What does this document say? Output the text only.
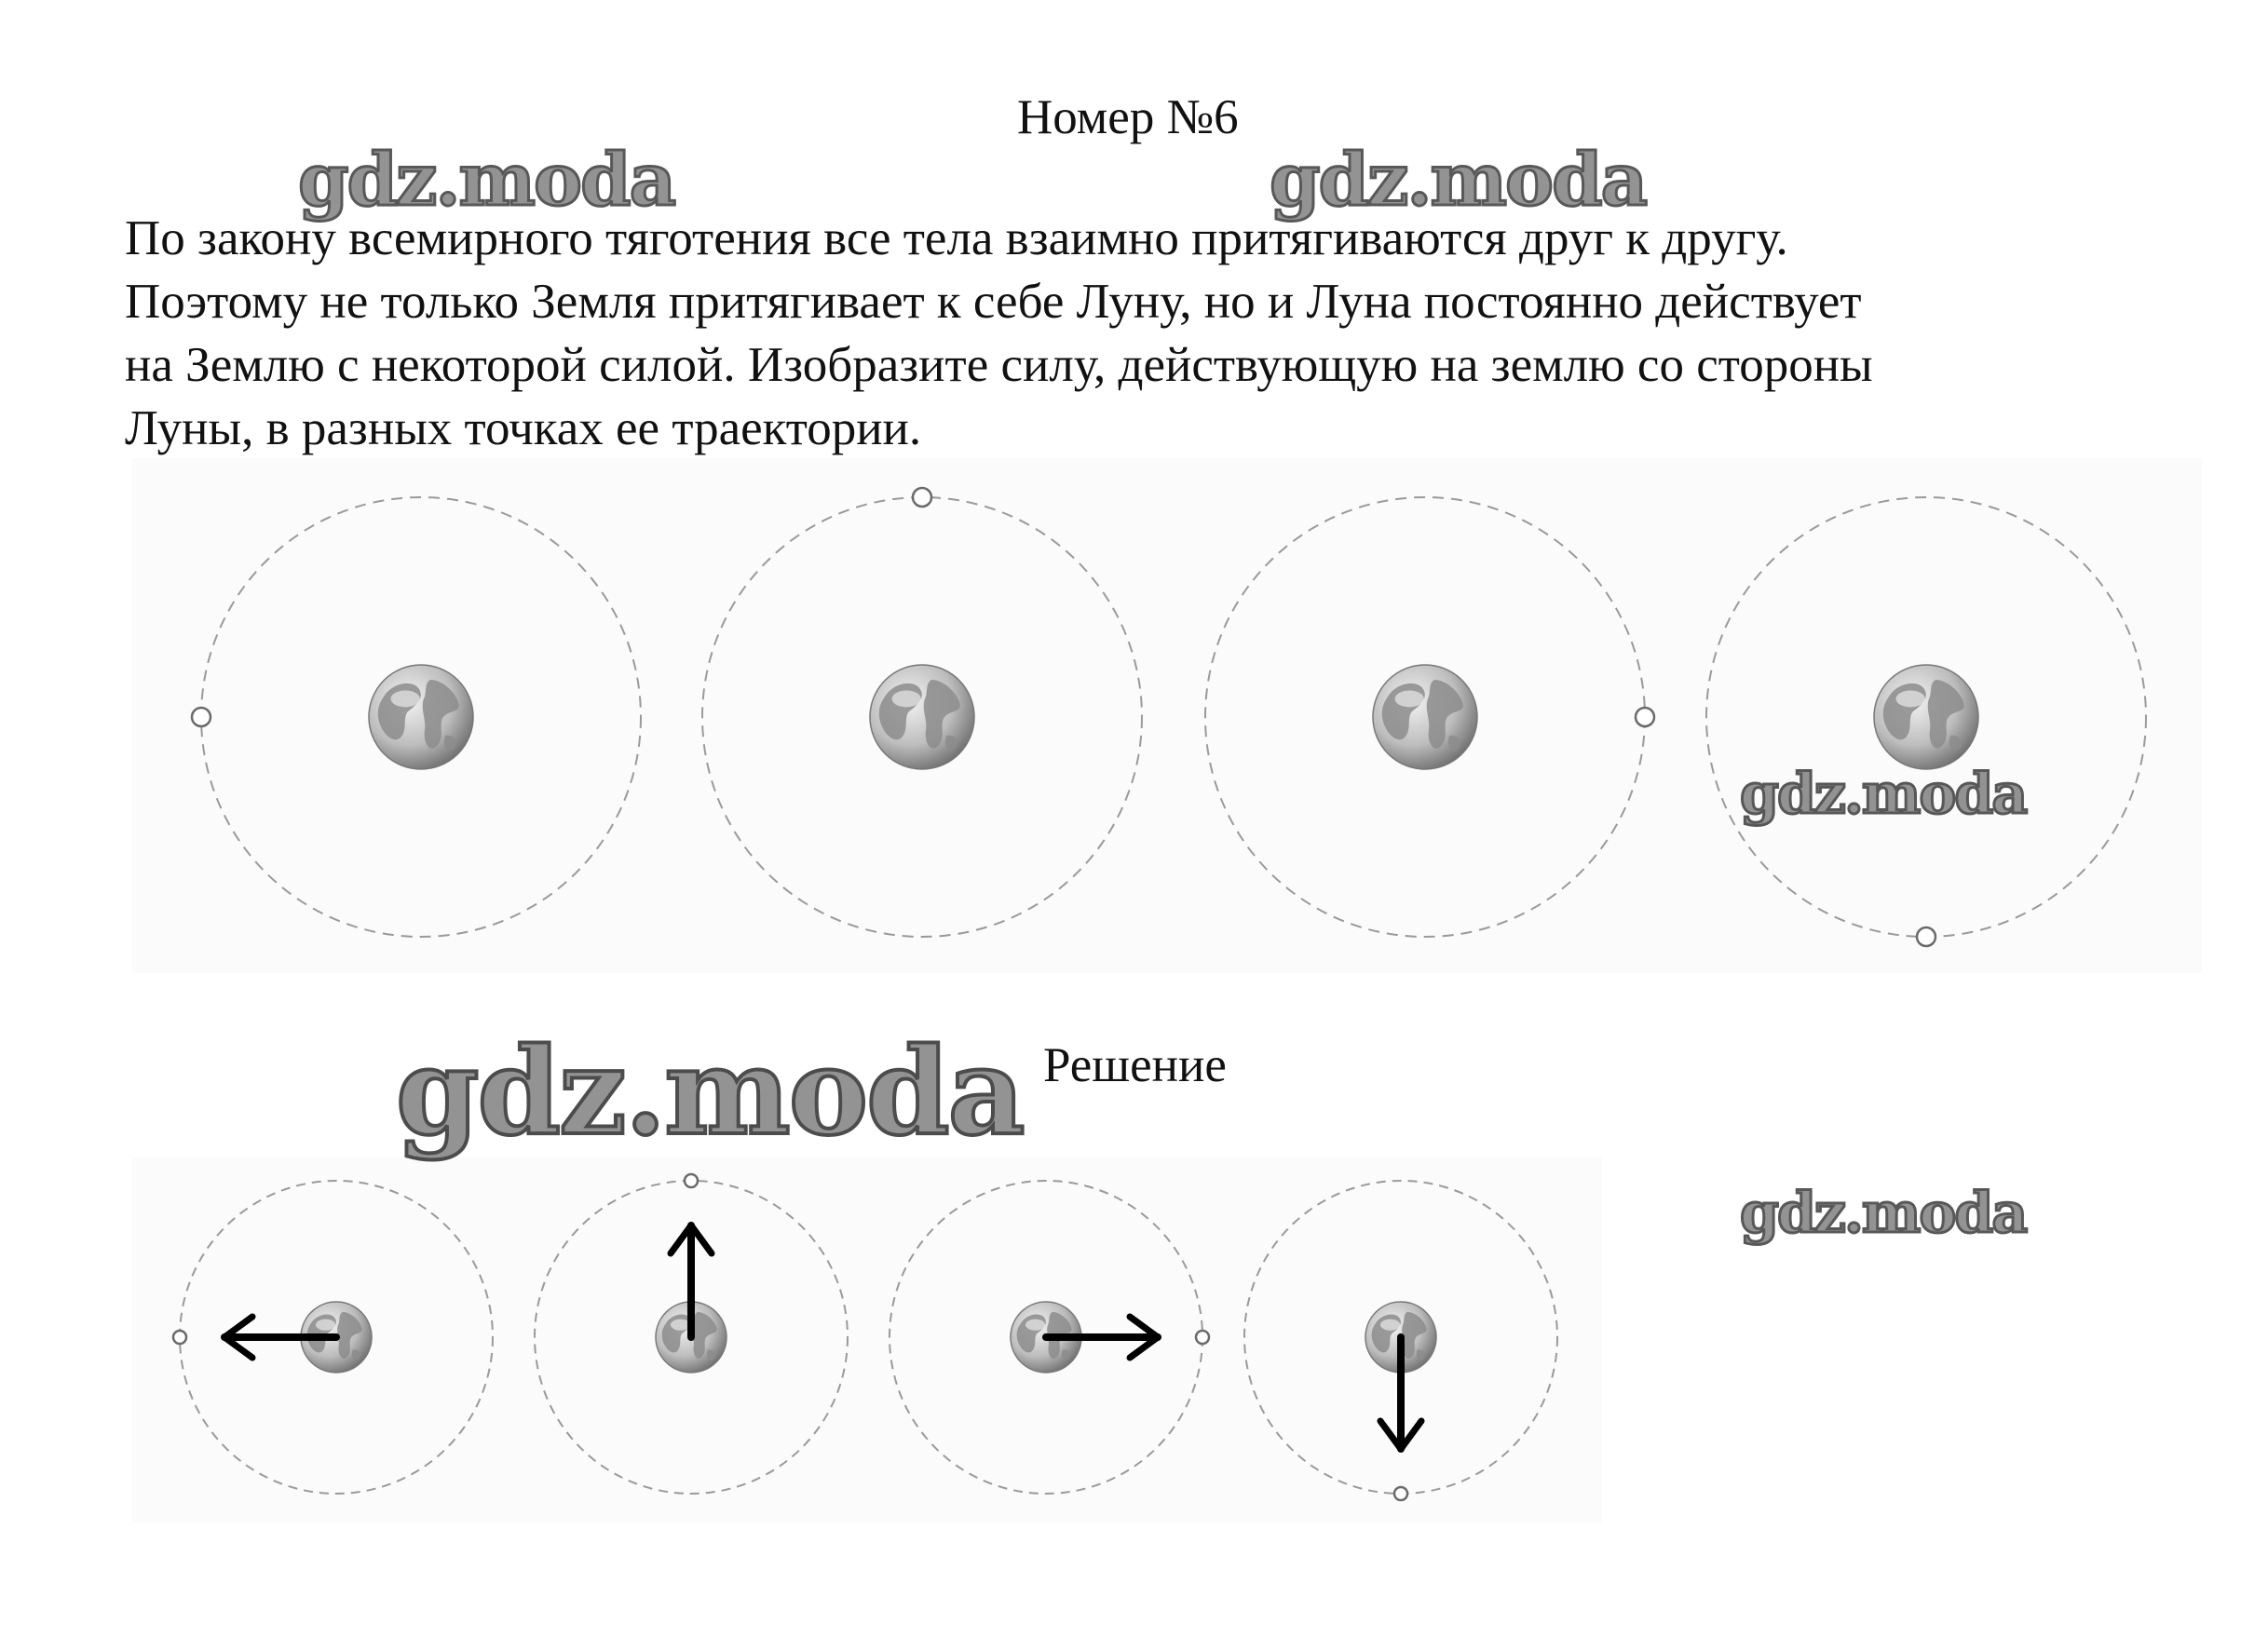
Номер №6
По закону всемирного тяготения все тела взаимно притягиваются друг к другу.
Поэтому не только Земля притягивает к себе Луну, но и Луна постоянно действует
на Землю с некоторой силой. Изобразите силу, действующую на землю со стороны
Луны, в разных точках ее траектории.
Решение
gdz.moda	gdz.moda
gdz.moda
gdz.moda
gdz.moda
